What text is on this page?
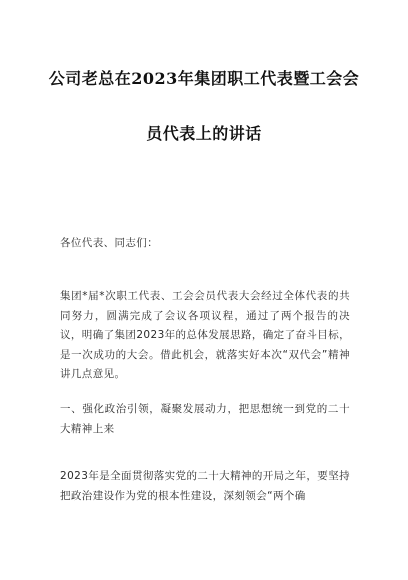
公司老总在2023年集团职工代表暨工会会
员代表上的讲话
各位代表、同志们：
集团*届*次职工代表、工会会员代表大会经过全体代表的共同努力，圆满完成了会议各项议程，通过了两个报告的决议，明确了集团2023年的总体发展思路，确定了奋斗目标，是一次成功的大会。借此机会，就落实好本次“双代会”精神讲几点意见。
一、强化政治引领，凝聚发展动力，把思想统一到党的二十大精神上来
2023年是全面贯彻落实党的二十大精神的开局之年，要坚持把政治建设作为党的根本性建设，深刻领会“两个确
